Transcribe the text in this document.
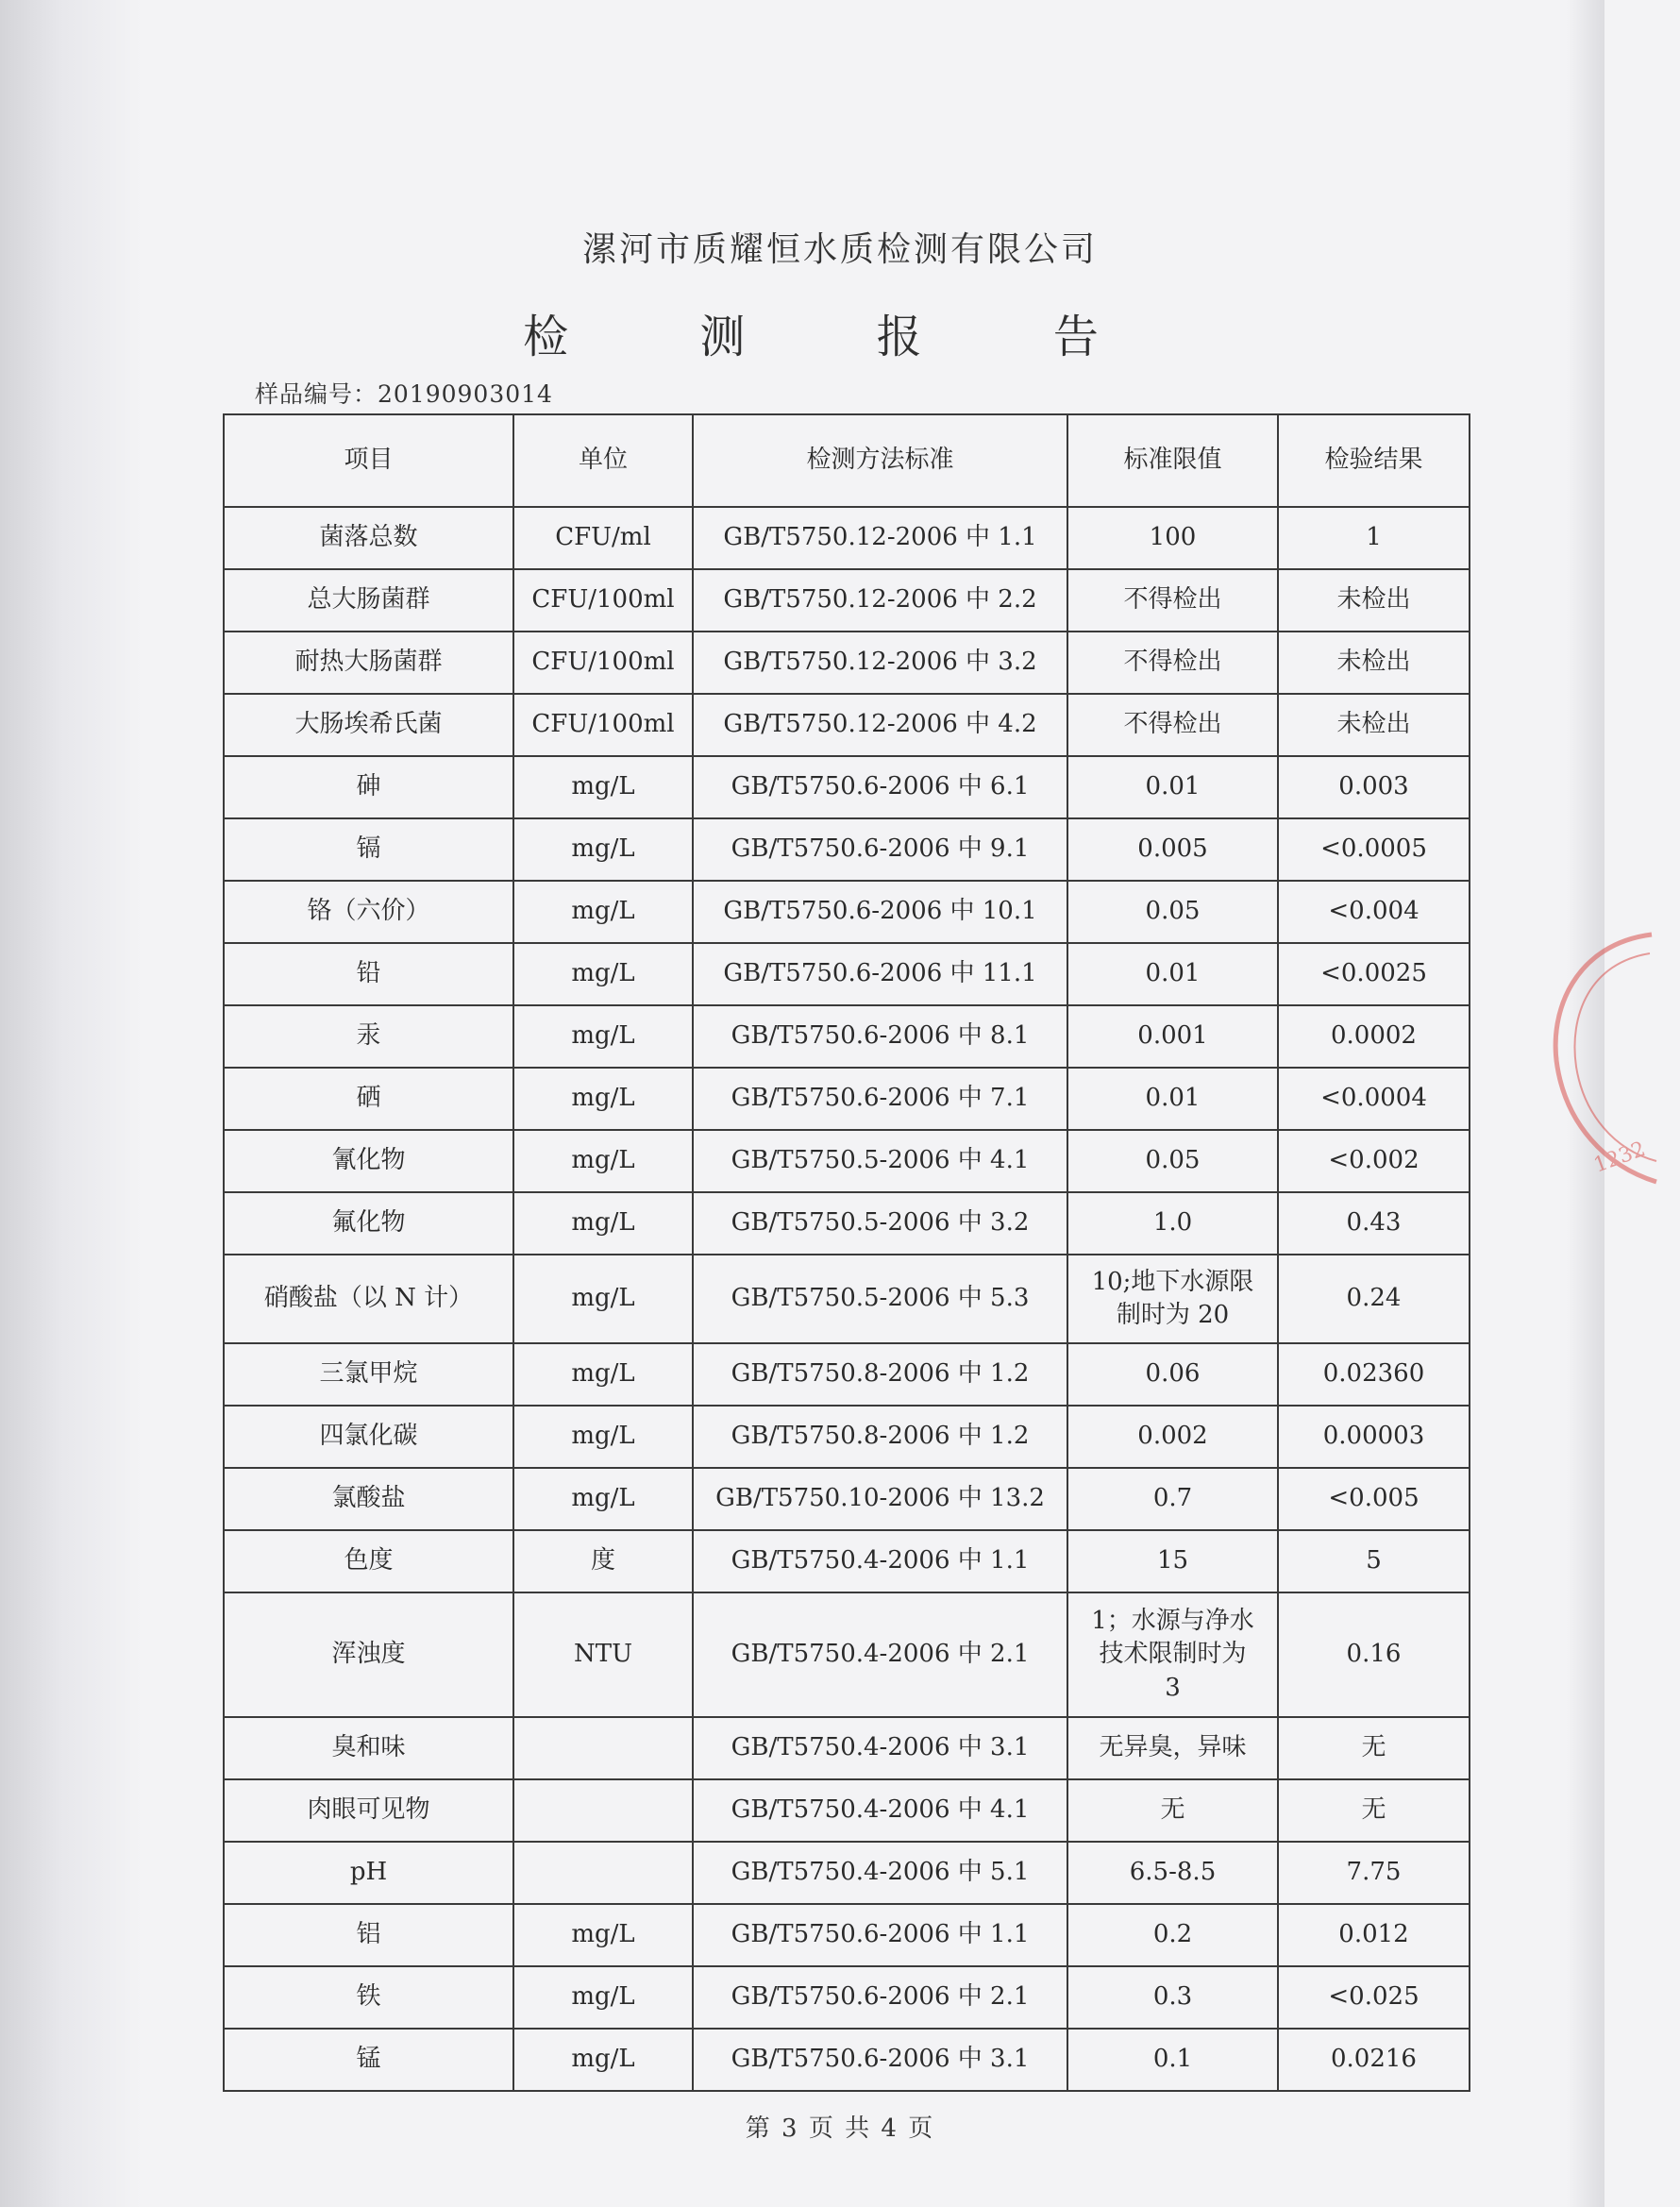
漯河市质耀恒水质检测有限公司
检 测 报 告
样品编号：20190903014
项目	单位	检测方法标准	标准限值	检验结果
菌落总数	CFU/ml	GB/T5750.12-2006 中 1.1	100	1
总大肠菌群	CFU/100ml	GB/T5750.12-2006 中 2.2	不得检出	未检出
耐热大肠菌群	CFU/100ml	GB/T5750.12-2006 中 3.2	不得检出	未检出
大肠埃希氏菌	CFU/100ml	GB/T5750.12-2006 中 4.2	不得检出	未检出
砷	mg/L	GB/T5750.6-2006 中 6.1	0.01	0.003
镉	mg/L	GB/T5750.6-2006 中 9.1	0.005	<0.0005
铬（六价）	mg/L	GB/T5750.6-2006 中 10.1	0.05	<0.004
铅	mg/L	GB/T5750.6-2006 中 11.1	0.01	<0.0025
汞	mg/L	GB/T5750.6-2006 中 8.1	0.001	0.0002
硒	mg/L	GB/T5750.6-2006 中 7.1	0.01	<0.0004
氰化物	mg/L	GB/T5750.5-2006 中 4.1	0.05	<0.002
氟化物	mg/L	GB/T5750.5-2006 中 3.2	1.0	0.43
硝酸盐（以 N 计）	mg/L	GB/T5750.5-2006 中 5.3	10;地下水源限
制时为 20	0.24
三氯甲烷	mg/L	GB/T5750.8-2006 中 1.2	0.06	0.02360
四氯化碳	mg/L	GB/T5750.8-2006 中 1.2	0.002	0.00003
氯酸盐	mg/L	GB/T5750.10-2006 中 13.2	0.7	<0.005
色度	度	GB/T5750.4-2006 中 1.1	15	5
浑浊度	NTU	GB/T5750.4-2006 中 2.1	1；水源与净水
技术限制时为
3	0.16
臭和味		GB/T5750.4-2006 中 3.1	无异臭，异味	无
肉眼可见物		GB/T5750.4-2006 中 4.1	无	无
pH		GB/T5750.4-2006 中 5.1	6.5-8.5	7.75
铝	mg/L	GB/T5750.6-2006 中 1.1	0.2	0.012
铁	mg/L	GB/T5750.6-2006 中 2.1	0.3	<0.025
锰	mg/L	GB/T5750.6-2006 中 3.1	0.1	0.0216
1232
第 3 页 共 4 页
